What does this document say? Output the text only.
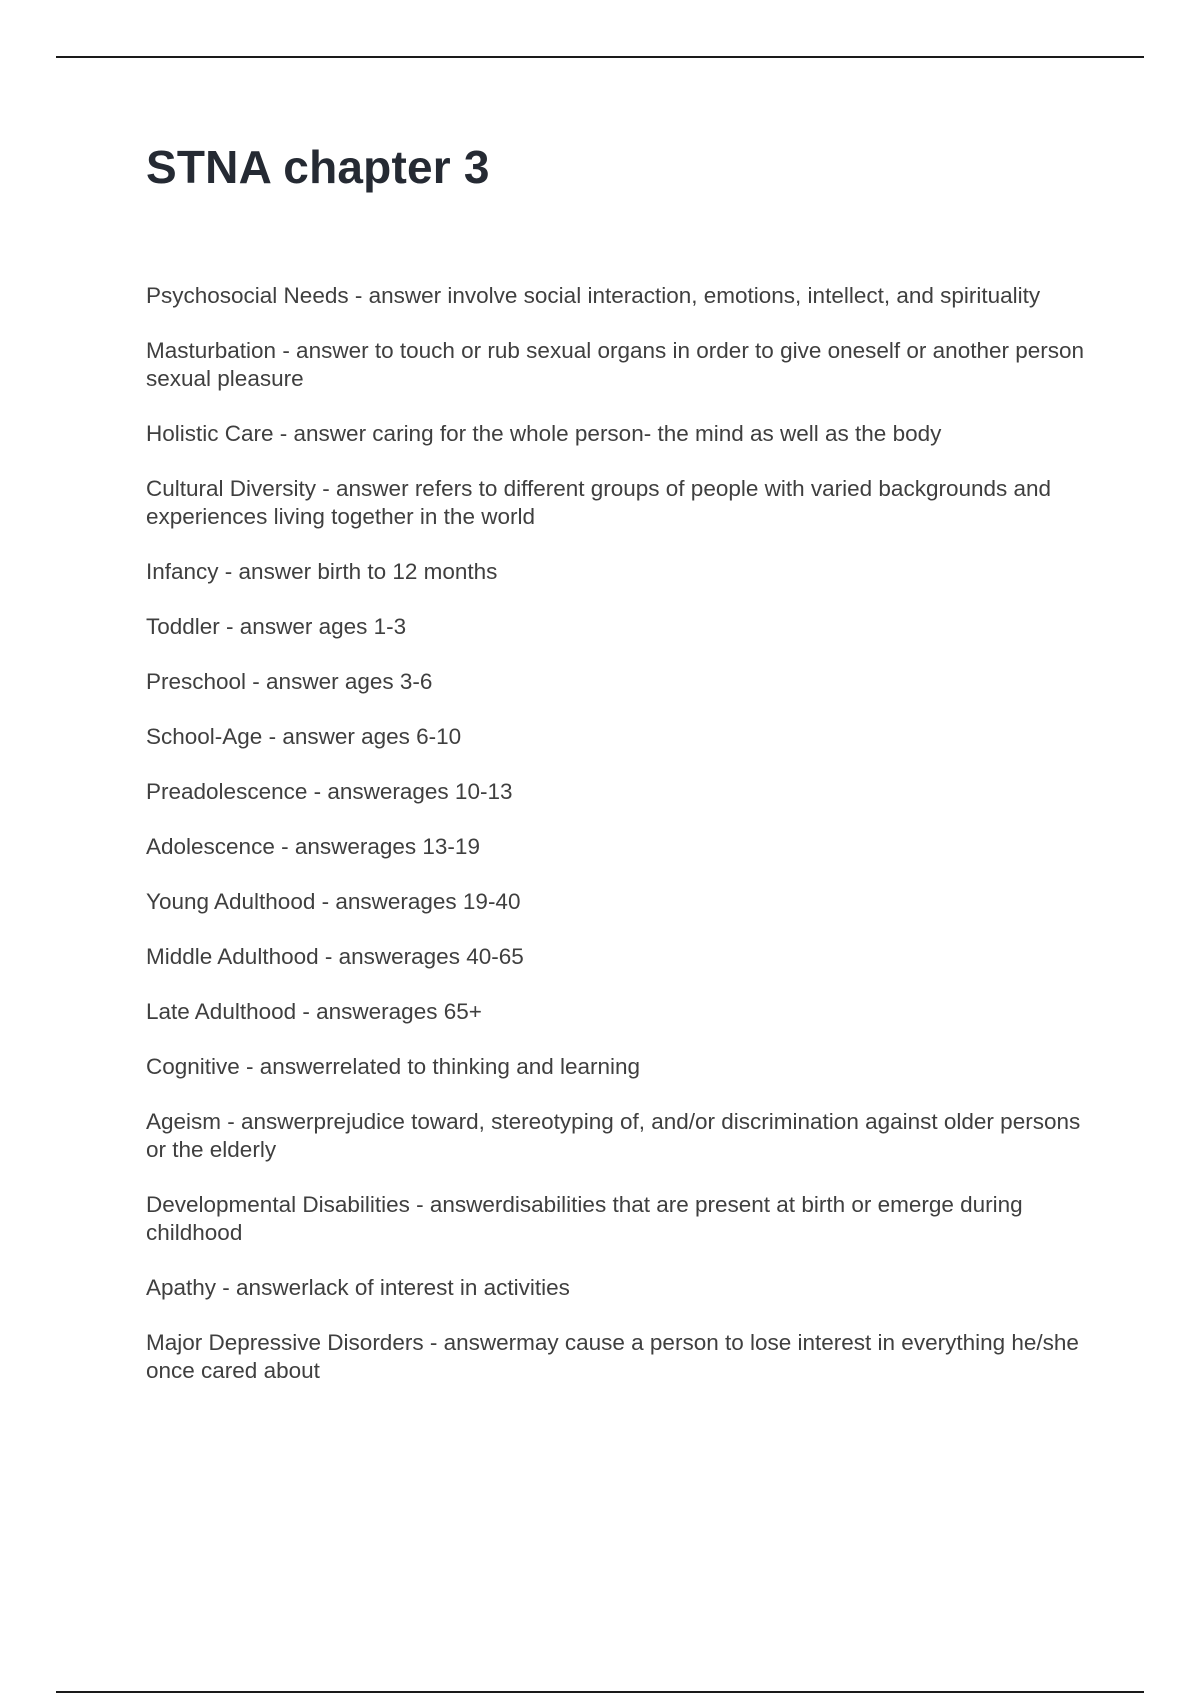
STNA chapter 3
Psychosocial Needs - answer involve social interaction, emotions, intellect, and spirituality
Masturbation - answer to touch or rub sexual organs in order to give oneself or another person sexual pleasure
Holistic Care - answer caring for the whole person- the mind as well as the body
Cultural Diversity - answer refers to different groups of people with varied backgrounds and experiences living together in the world
Infancy - answer birth to 12 months
Toddler - answer ages 1-3
Preschool - answer ages 3-6
School-Age - answer ages 6-10
Preadolescence - answerages 10-13
Adolescence - answerages 13-19
Young Adulthood - answerages 19-40
Middle Adulthood - answerages 40-65
Late Adulthood - answerages 65+
Cognitive - answerrelated to thinking and learning
Ageism - answerprejudice toward, stereotyping of, and/or discrimination against older persons or the elderly
Developmental Disabilities - answerdisabilities that are present at birth or emerge during childhood
Apathy - answerlack of interest in activities
Major Depressive Disorders - answermay cause a person to lose interest in everything he/she once cared about
